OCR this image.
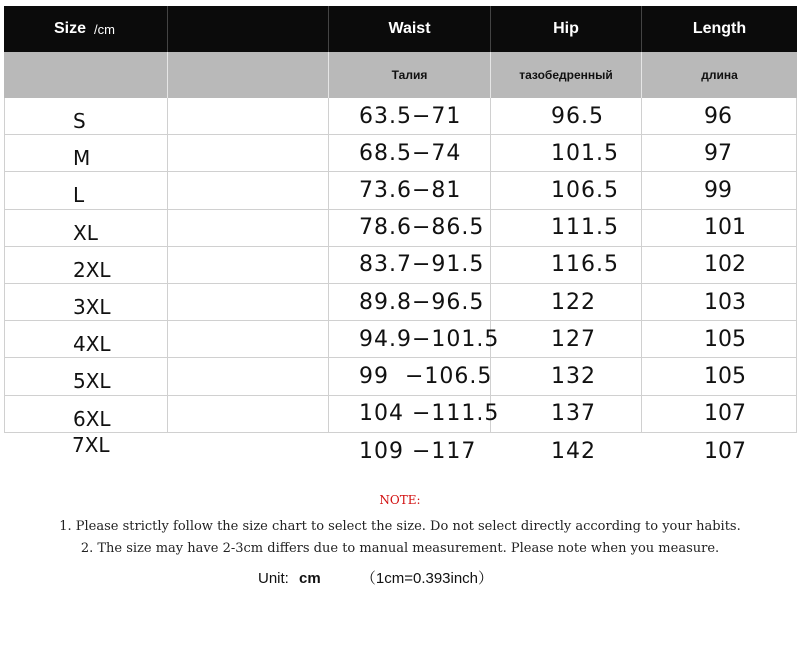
Size /cm	Waist	Hip	Length
Талия	тазобедренный	длина
S	63.5−71	96.5	96
M	68.5−74	101.5	97
L	73.6−81	106.5	99
XL	78.6−86.5	111.5	101
2XL	83.7−91.5	116.5	102
3XL	89.8−96.5	122	103
4XL	94.9−101.5	127	105
5XL	99  −106.5	132	105
6XL	104 −111.5	137	107
7XL	109 −117	142	107
NOTE:
1. Please strictly follow the size chart to select the size. Do not select directly according to your habits.
2. The size may have 2-3cm differs due to manual measurement. Please note when you measure.
Unit: cm	（1cm=0.393inch）
